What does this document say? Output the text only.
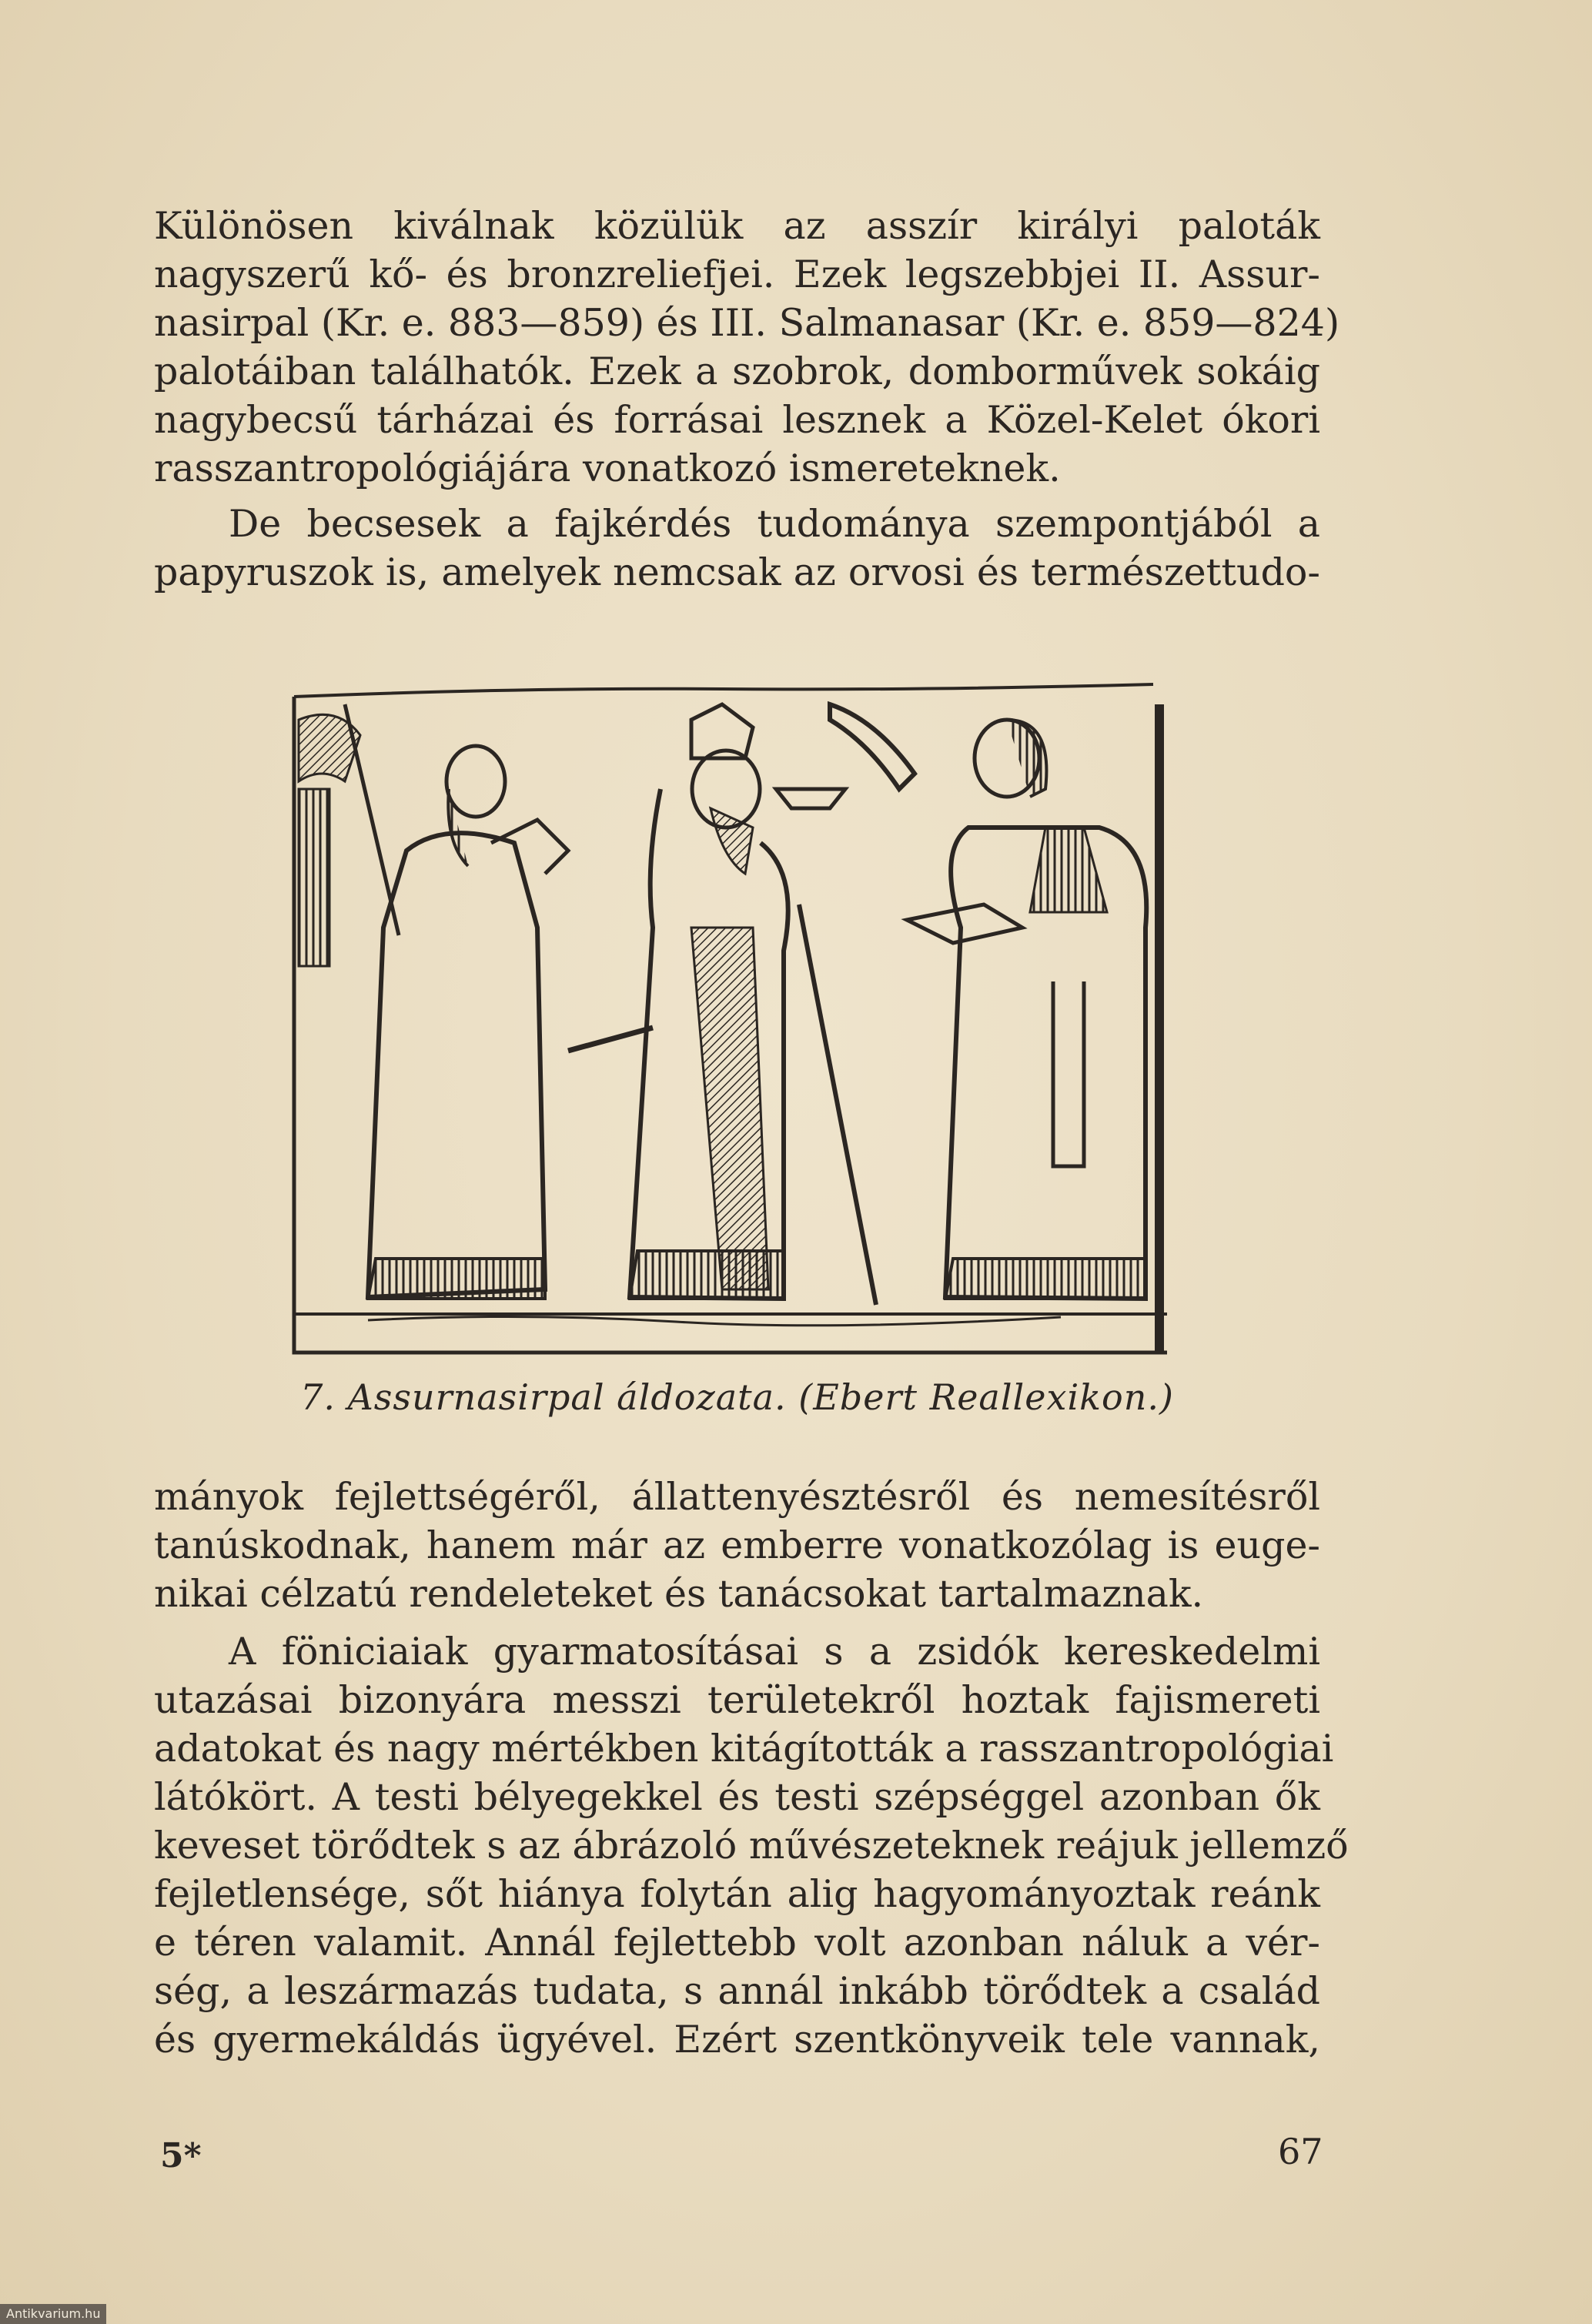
Különösen kiválnak közülük az asszír királyi paloták
nagyszerű kő- és bronzreliefjei. Ezek legszebbjei II. Assur-
nasirpal (Kr. e. 883—859) és III. Salmanasar (Kr. e. 859—824)
palotáiban találhatók. Ezek a szobrok, domborművek sokáig
nagybecsű tárházai és forrásai lesznek a Közel-Kelet ókori
rasszantropológiájára vonatkozó ismereteknek.
De becsesek a fajkérdés tudománya szempontjából a
papyruszok is, amelyek nemcsak az orvosi és természettudo-

7. Assurnasirpal áldozata. (Ebert Reallexikon.)

mányok fejlettségéről, állattenyésztésről és nemesítésről
tanúskodnak, hanem már az emberre vonatkozólag is euge-
nikai célzatú rendeleteket és tanácsokat tartalmaznak.
A föniciaiak gyarmatosításai s a zsidók kereskedelmi
utazásai bizonyára messzi területekről hoztak fajismereti
adatokat és nagy mértékben kitágították a rasszantropológiai
látókört. A testi bélyegekkel és testi szépséggel azonban ők
keveset törődtek s az ábrázoló művészeteknek reájuk jellemző
fejletlensége, sőt hiánya folytán alig hagyományoztak reánk
e téren valamit. Annál fejlettebb volt azonban náluk a vér-
ség, a leszármazás tudata, s annál inkább törődtek a család
és gyermekáldás ügyével. Ezért szentkönyveik tele vannak,

5*	67

Antikvarium.hu
